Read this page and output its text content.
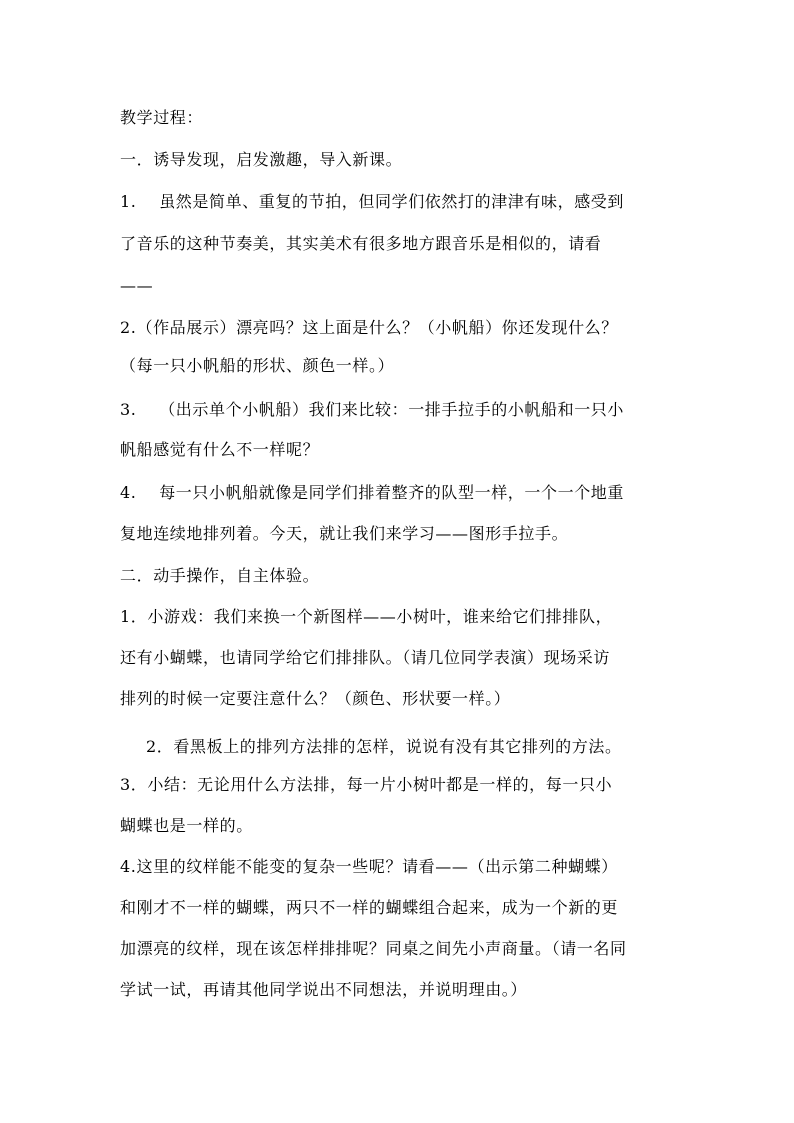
教学过程：
一．诱导发现，启发激趣，导入新课。
1.    虽然是简单、重复的节拍，但同学们依然打的津津有味，感受到
了音乐的这种节奏美，其实美术有很多地方跟音乐是相似的，请看
——
2.（作品展示）漂亮吗？这上面是什么？（小帆船）你还发现什么？
（每一只小帆船的形状、颜色一样。）
3.    （出示单个小帆船）我们来比较：一排手拉手的小帆船和一只小
帆船感觉有什么不一样呢？
4.    每一只小帆船就像是同学们排着整齐的队型一样，一个一个地重
复地连续地排列着。今天，就让我们来学习——图形手拉手。
二．动手操作，自主体验。
1．小游戏：我们来换一个新图样——小树叶，谁来给它们排排队，
还有小蝴蝶，也请同学给它们排排队。（请几位同学表演）现场采访
排列的时候一定要注意什么？（颜色、形状要一样。）
2．看黑板上的排列方法排的怎样，说说有没有其它排列的方法。
3．小结：无论用什么方法排，每一片小树叶都是一样的，每一只小
蝴蝶也是一样的。
4.这里的纹样能不能变的复杂一些呢？请看——（出示第二种蝴蝶）
和刚才不一样的蝴蝶，两只不一样的蝴蝶组合起来，成为一个新的更
加漂亮的纹样，现在该怎样排排呢？同桌之间先小声商量。（请一名同
学试一试，再请其他同学说出不同想法，并说明理由。）
